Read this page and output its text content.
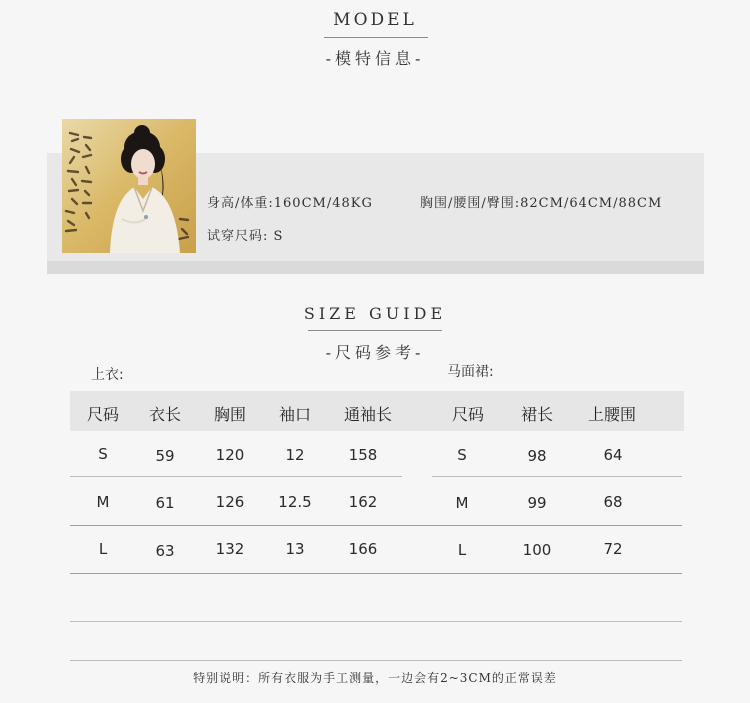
MODEL
-模特信息-
身高/体重:160CM/48KG	胸围/腰围/臀围:82CM/64CM/88CM
试穿尺码: S
SIZE GUIDE
-尺码参考-
上衣:	马面裙:
尺码	衣长	胸围	袖口	通袖长	尺码	裙长	上腰围
S	59	120	12	158	S	98	64
M	61	126	12.5	162	M	99	68
L	63	132	13	166	L	100	72
特别说明：所有衣服为手工测量，一边会有2~3CM的正常误差
